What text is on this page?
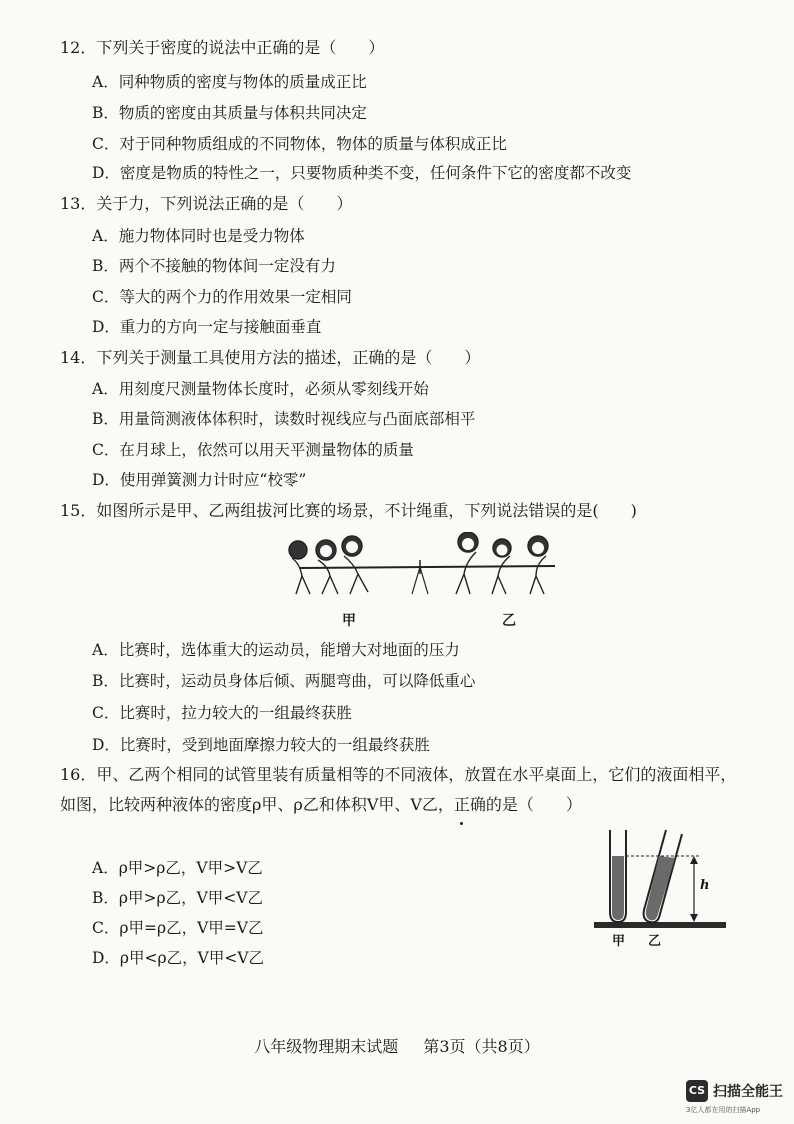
12．下列关于密度的说法中正确的是（　　）
A．同种物质的密度与物体的质量成正比
B．物质的密度由其质量与体积共同决定
C．对于同种物质组成的不同物体，物体的质量与体积成正比
D．密度是物质的特性之一，只要物质种类不变，任何条件下它的密度都不改变
13．关于力，下列说法正确的是（　　）
A．施力物体同时也是受力物体
B．两个不接触的物体间一定没有力
C．等大的两个力的作用效果一定相同
D．重力的方向一定与接触面垂直
14．下列关于测量工具使用方法的描述，正确的是（　　）
A．用刻度尺测量物体长度时，必须从零刻线开始
B．用量筒测液体体积时，读数时视线应与凸面底部相平
C．在月球上，依然可以用天平测量物体的质量
D．使用弹簧测力计时应“校零”
15．如图所示是甲、乙两组拔河比赛的场景，不计绳重，下列说法错误的是(　　)
甲	乙
A．比赛时，选体重大的运动员，能增大对地面的压力
B．比赛时，运动员身体后倾、两腿弯曲，可以降低重心
C．比赛时，拉力较大的一组最终获胜
D．比赛时，受到地面摩擦力较大的一组最终获胜
16．甲、乙两个相同的试管里装有质量相等的不同液体，放置在水平桌面上，它们的液面相平，如图，比较两种液体的密度ρ甲、ρ乙和体积V甲、V乙，正确的是（　　）
A．ρ甲>ρ乙，V甲>V乙
B．ρ甲>ρ乙，V甲<V乙
C．ρ甲=ρ乙，V甲=V乙
D．ρ甲<ρ乙，V甲<V乙
h
甲 乙
八年级物理期末试题 第3页（共8页）
CS 扫描全能王
3亿人都在用的扫描App
